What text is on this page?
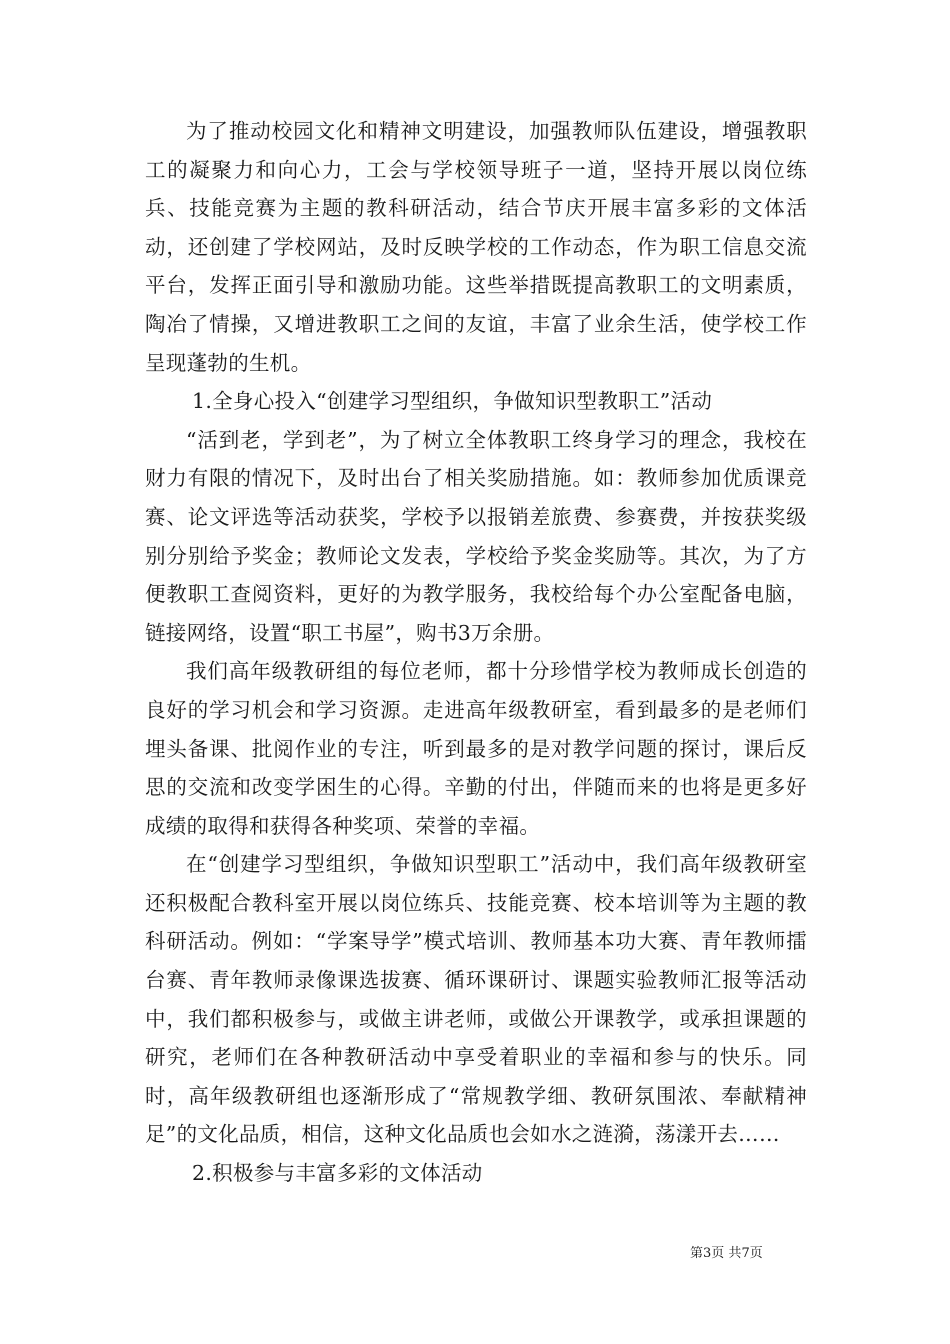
为了推动校园文化和精神文明建设，加强教师队伍建设，增强教职工的凝聚力和向心力，工会与学校领导班子一道，坚持开展以岗位练兵、技能竞赛为主题的教科研活动，结合节庆开展丰富多彩的文体活动，还创建了学校网站，及时反映学校的工作动态，作为职工信息交流平台，发挥正面引导和激励功能。这些举措既提高教职工的文明素质，陶冶了情操，又增进教职工之间的友谊，丰富了业余生活，使学校工作呈现蓬勃的生机。

1.全身心投入“创建学习型组织，争做知识型教职工”活动

“活到老，学到老”，为了树立全体教职工终身学习的理念，我校在财力有限的情况下，及时出台了相关奖励措施。如：教师参加优质课竞赛、论文评选等活动获奖，学校予以报销差旅费、参赛费，并按获奖级别分别给予奖金；教师论文发表，学校给予奖金奖励等。其次，为了方便教职工查阅资料，更好的为教学服务，我校给每个办公室配备电脑，链接网络，设置“职工书屋”，购书3万余册。

我们高年级教研组的每位老师，都十分珍惜学校为教师成长创造的良好的学习机会和学习资源。走进高年级教研室，看到最多的是老师们埋头备课、批阅作业的专注，听到最多的是对教学问题的探讨，课后反思的交流和改变学困生的心得。辛勤的付出，伴随而来的也将是更多好成绩的取得和获得各种奖项、荣誉的幸福。

在“创建学习型组织，争做知识型职工”活动中，我们高年级教研室还积极配合教科室开展以岗位练兵、技能竞赛、校本培训等为主题的教科研活动。例如：“学案导学”模式培训、教师基本功大赛、青年教师擂台赛、青年教师录像课选拔赛、循环课研讨、课题实验教师汇报等活动中，我们都积极参与，或做主讲老师，或做公开课教学，或承担课题的研究，老师们在各种教研活动中享受着职业的幸福和参与的快乐。同时，高年级教研组也逐渐形成了“常规教学细、教研氛围浓、奉献精神足”的文化品质，相信，这种文化品质也会如水之涟漪，荡漾开去……

2.积极参与丰富多彩的文体活动

第3页 共7页
